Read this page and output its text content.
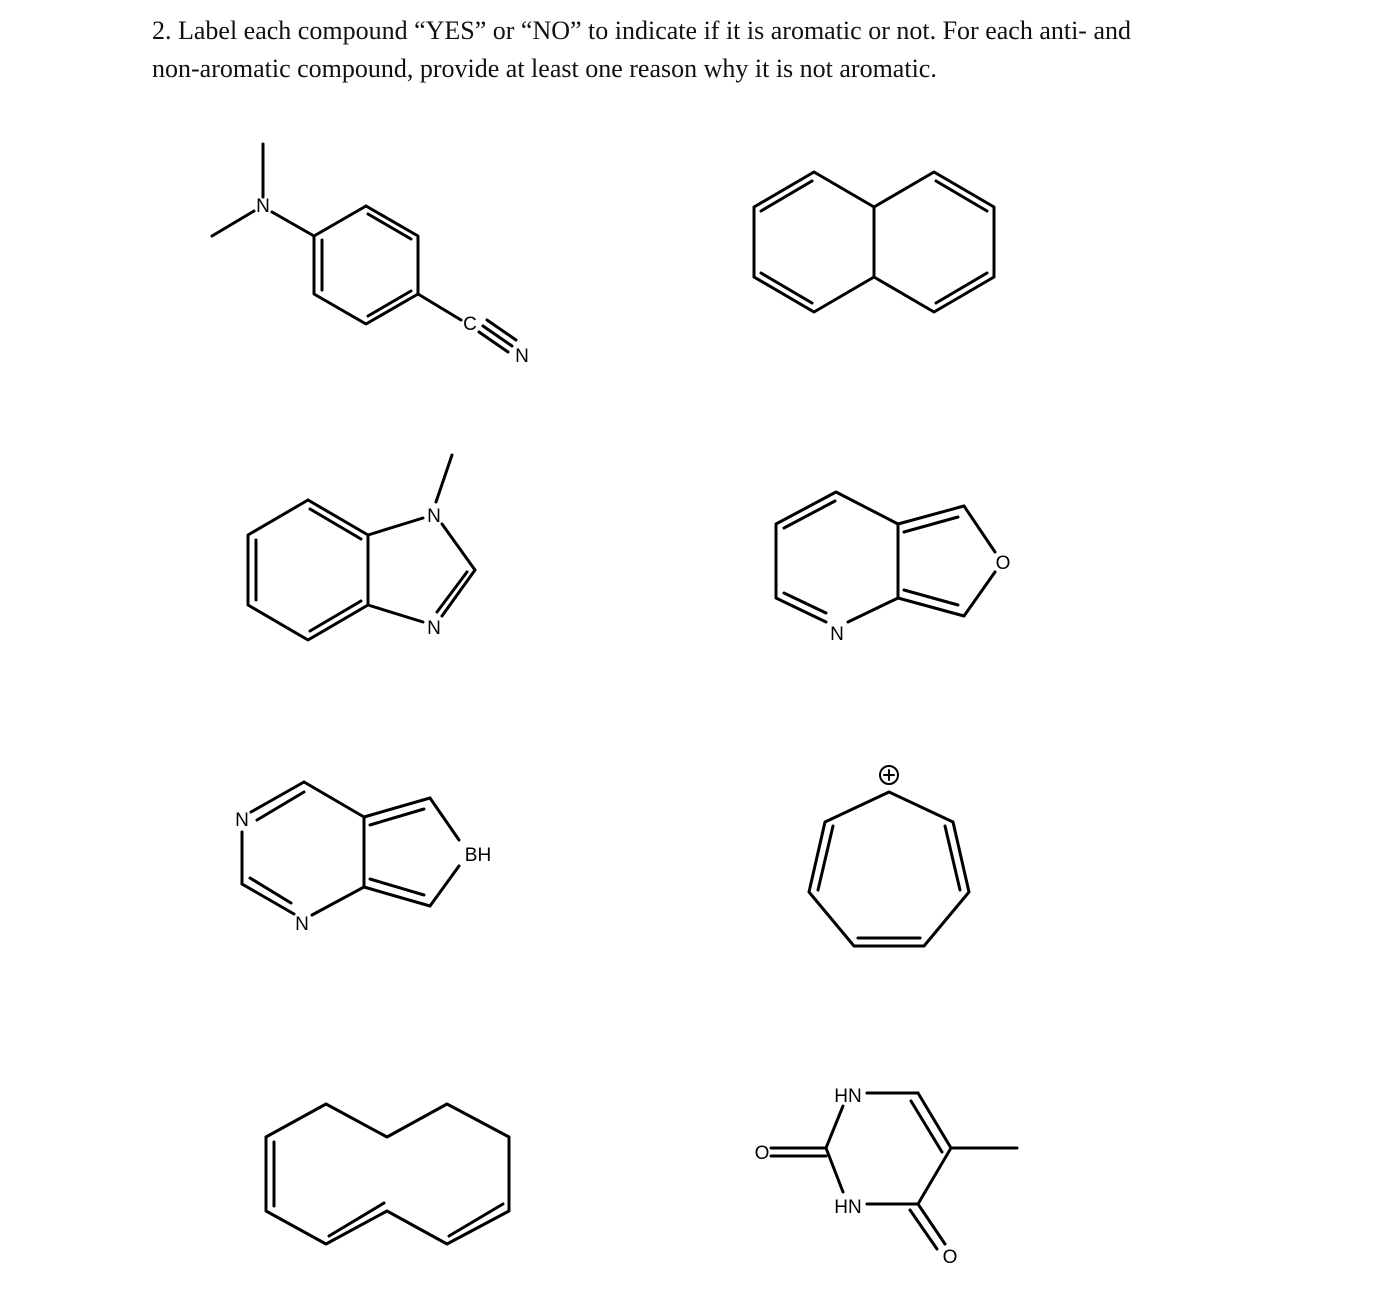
2. Label each compound “YES” or “NO” to indicate if it is aromatic or not. For each anti- and
non-aromatic compound, provide at least one reason why it is not aromatic.
N
C
N
N
N
O
N
N
N
BH
HN
HN
O
O
